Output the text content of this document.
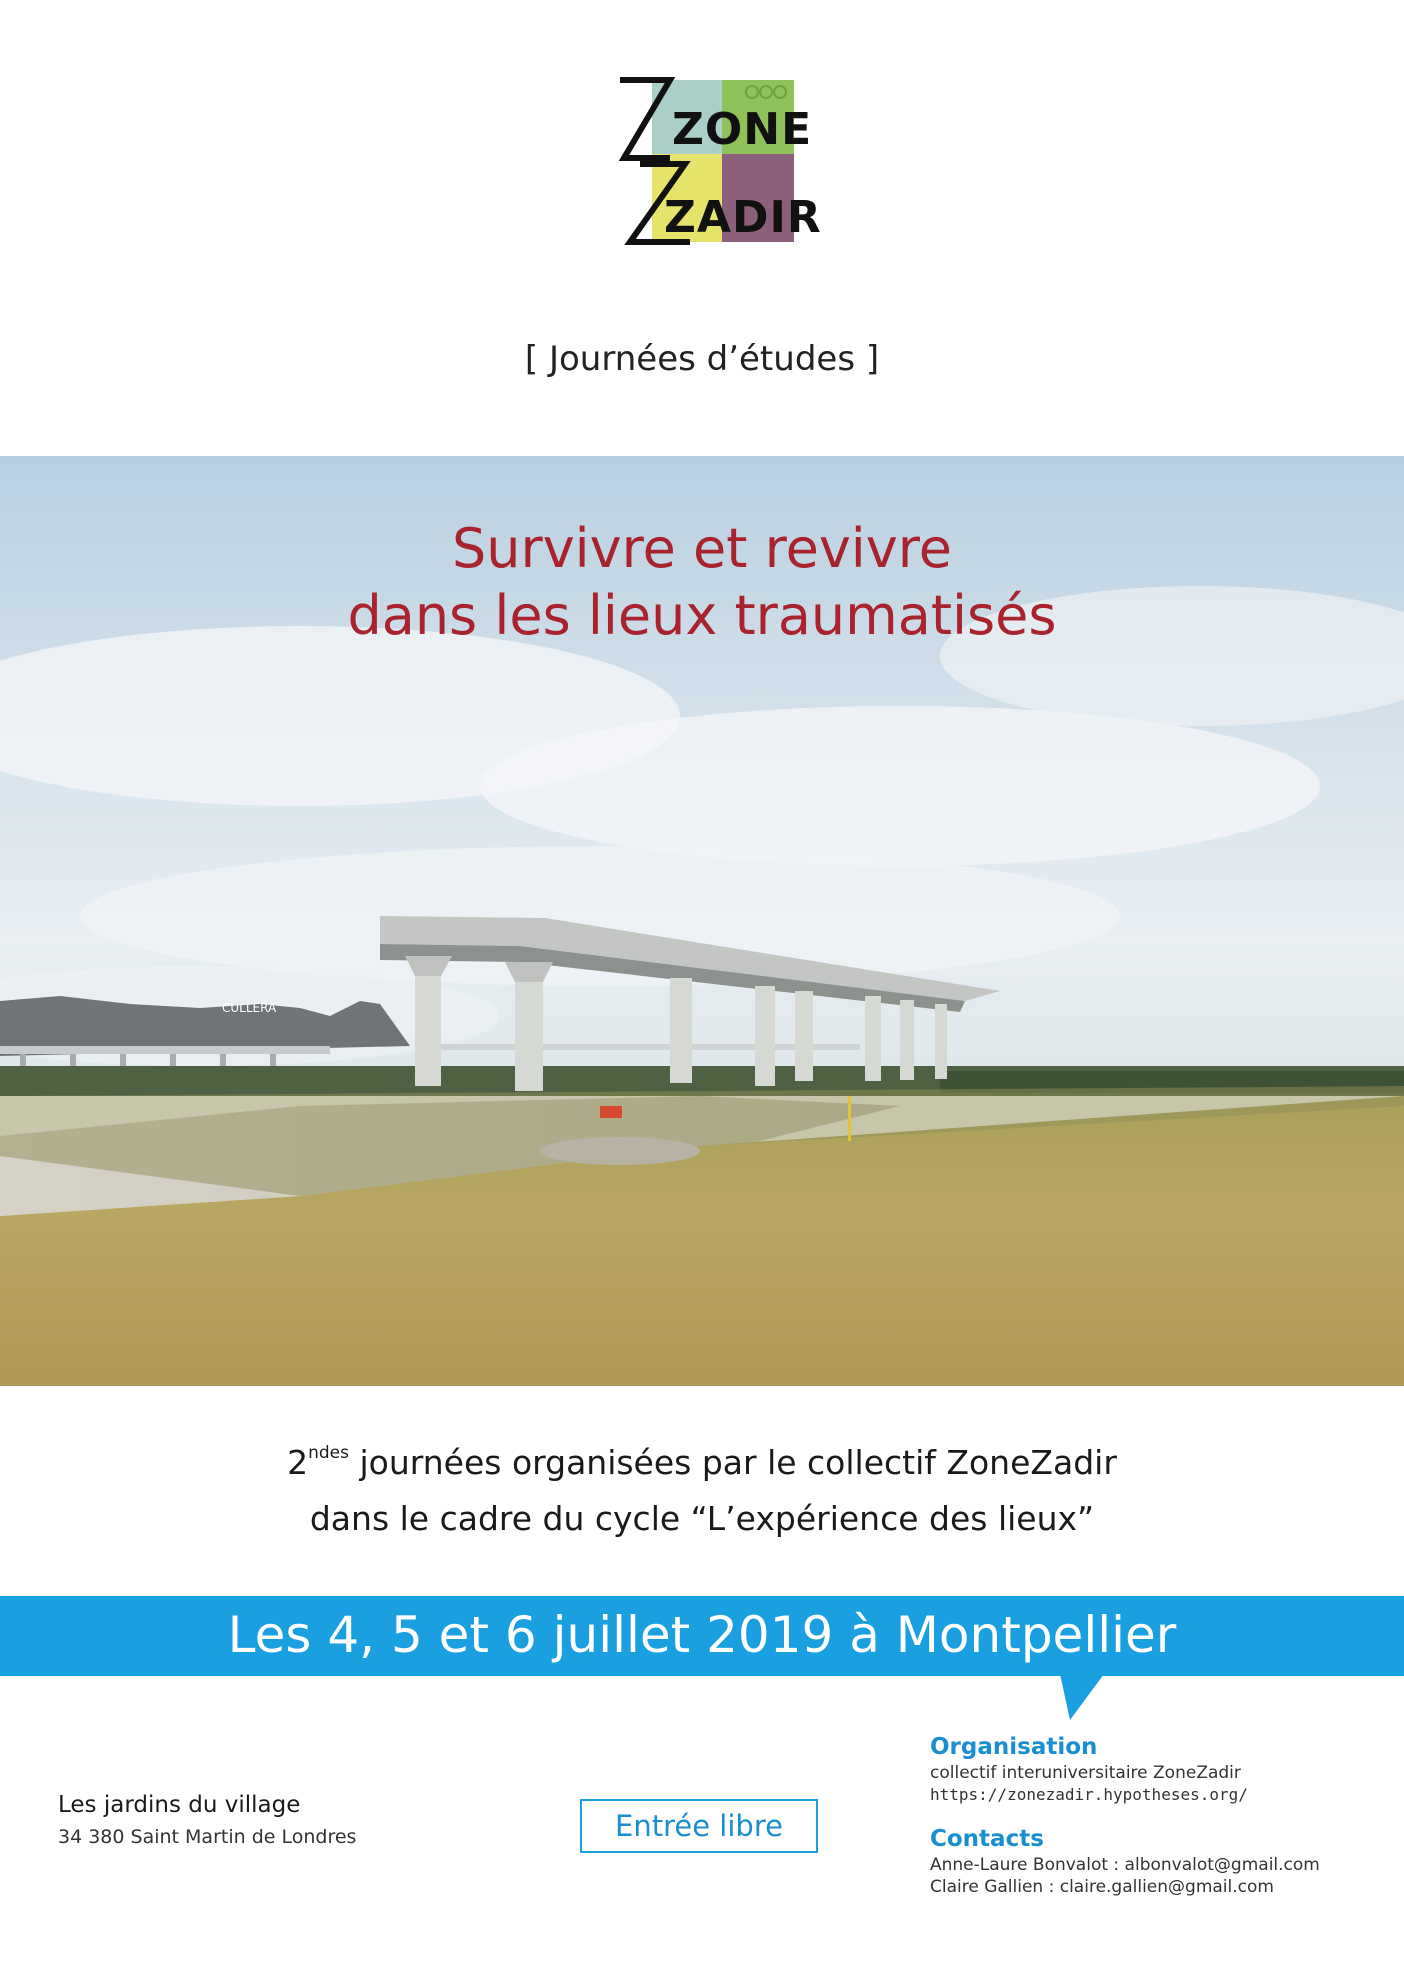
ZONE
ZADIR
[ Journées d’études ]
CULLERA
Survivre et revivre
dans les lieux traumatisés
$2^{ndes}$ journées organisées par le collectif ZoneZadir
dans le cadre du cycle “L’expérience des lieux”
Les 4, 5 et 6 juillet 2019 à Montpellier
Les jardins du village
34 380 Saint Martin de Londres	Entrée libre
Organisation
collectif interuniversitaire ZoneZadir
https://zonezadir.hypotheses.org/
Contacts
Anne-Laure Bonvalot : albonvalot@gmail.com
Claire Gallien : claire.gallien@gmail.com
